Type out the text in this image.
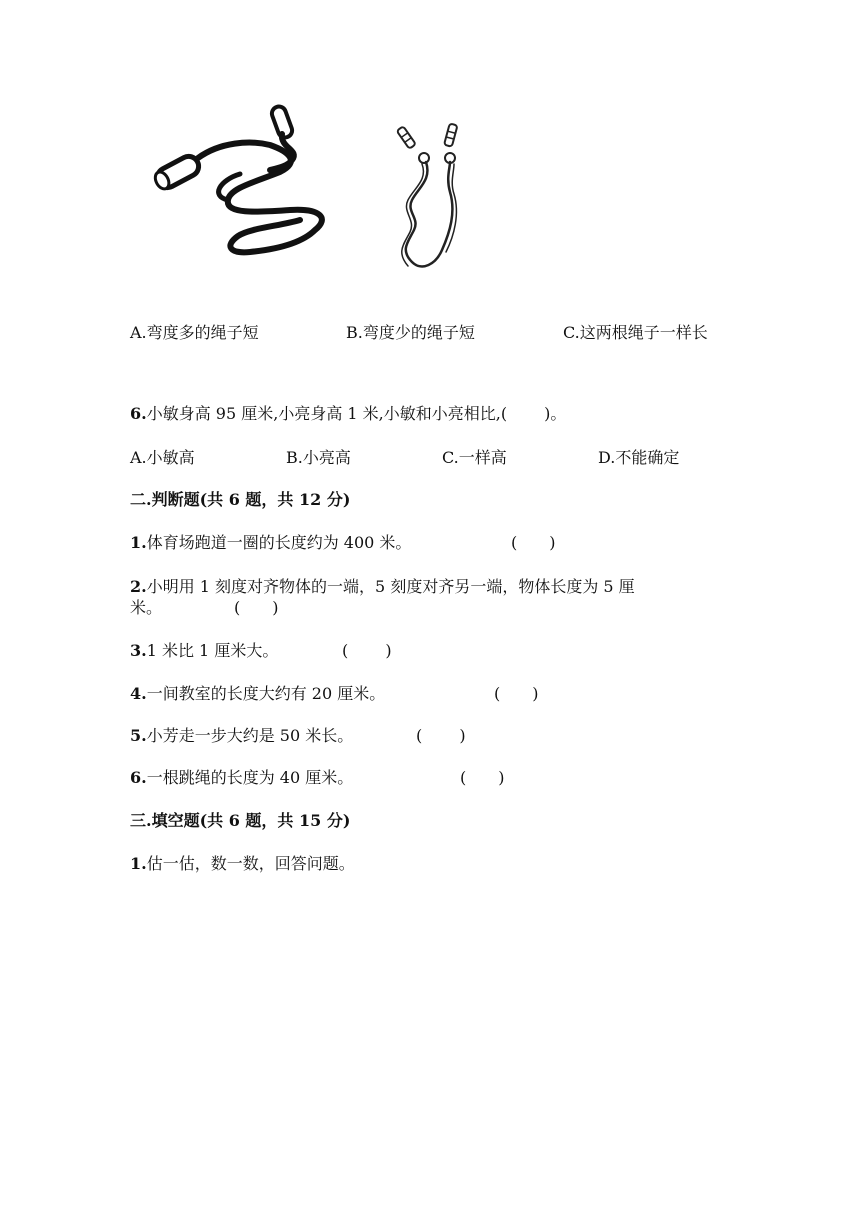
A.弯度多的绳子短	B.弯度少的绳子短	C.这两根绳子一样长
6.小敏身高 95 厘米,小亮身高 1 米,小敏和小亮相比,(　　 )。
A.小敏高	B.小亮高	C.一样高	D.不能确定
二.判断题(共 6 题，共 12 分)
1.体育场跑道一圈的长度约为 400 米。	(　　)
2.小明用 1 刻度对齐物体的一端，5 刻度对齐另一端，物体长度为 5 厘
米。	(　　)
3.1 米比 1 厘米大。	(　　 )
4.一间教室的长度大约有 20 厘米。	(　　)
5.小芳走一步大约是 50 米长。	(　　 )
6.一根跳绳的长度为 40 厘米。	(　　)
三.填空题(共 6 题，共 15 分)
1.估一估，数一数，回答问题。
